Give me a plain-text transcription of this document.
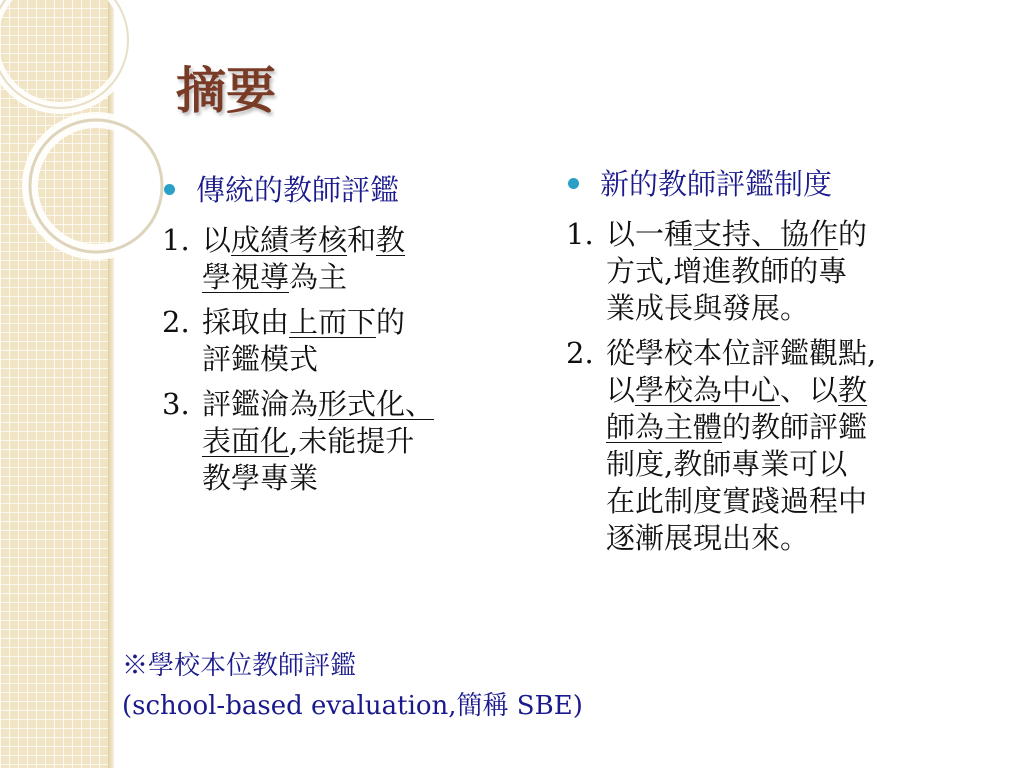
摘要
傳統的教師評鑑
1. 以成績考核和教
學視導為主
2. 採取由上而下的
評鑑模式
3. 評鑑淪為形式化、
表面化,未能提升
教學專業
新的教師評鑑制度
1. 以一種支持、協作的
方式,增進教師的專
業成長與發展。
2. 從學校本位評鑑觀點,
以學校為中心、以教
師為主體的教師評鑑
制度,教師專業可以
在此制度實踐過程中
逐漸展現出來。
※學校本位教師評鑑
(school-based evaluation,簡稱 SBE)
